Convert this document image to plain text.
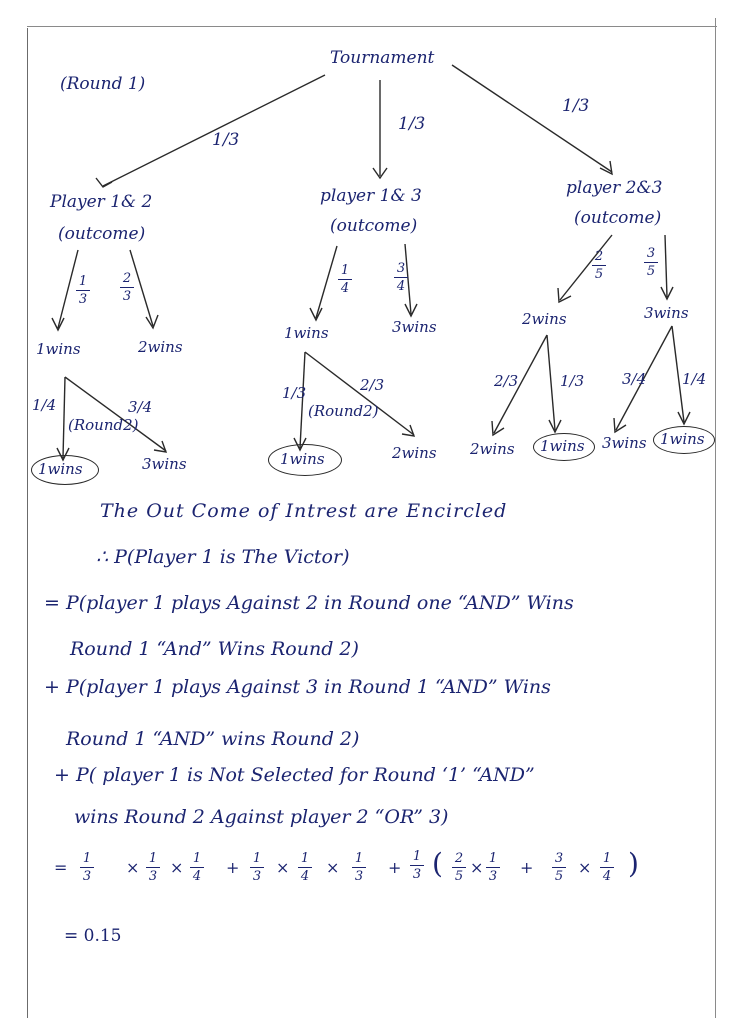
Tournament
(Round 1)
1/3
1/3
1/3
Player 1& 2
(outcome)
1
3
2
3
1wins	2wins
player 1& 3
(outcome)
1
4
3
4
1wins	3wins
player 2&3
(outcome)
2
5
3
5
2wins	3wins
1/4	3/4
(Round2)
1wins	3wins
1/3	2/3
(Round2)
1wins	2wins
2/3	1/3
2wins 1wins
3/4 1/4
3wins 1wins
The Out Come of Intrest are Encircled
∴ P(Player 1 is The Victor)
= P(player 1 plays Against 2 in Round one “AND” Wins
Round 1 “And” Wins Round 2)
+ P(player 1 plays Against 3 in Round 1 “AND” Wins
Round 1 “AND” wins Round 2)
+ P( player 1 is Not Selected for Round ‘1’ “AND”
wins Round 2 Against player 2 “OR” 3)
= 1
3 × 1
3 × 1
4 + 1
3 × 1
4 × 1
3 +
1
3 ( 2
5 × 1
3 + 3
5 × 1
4 )
= 0.15
